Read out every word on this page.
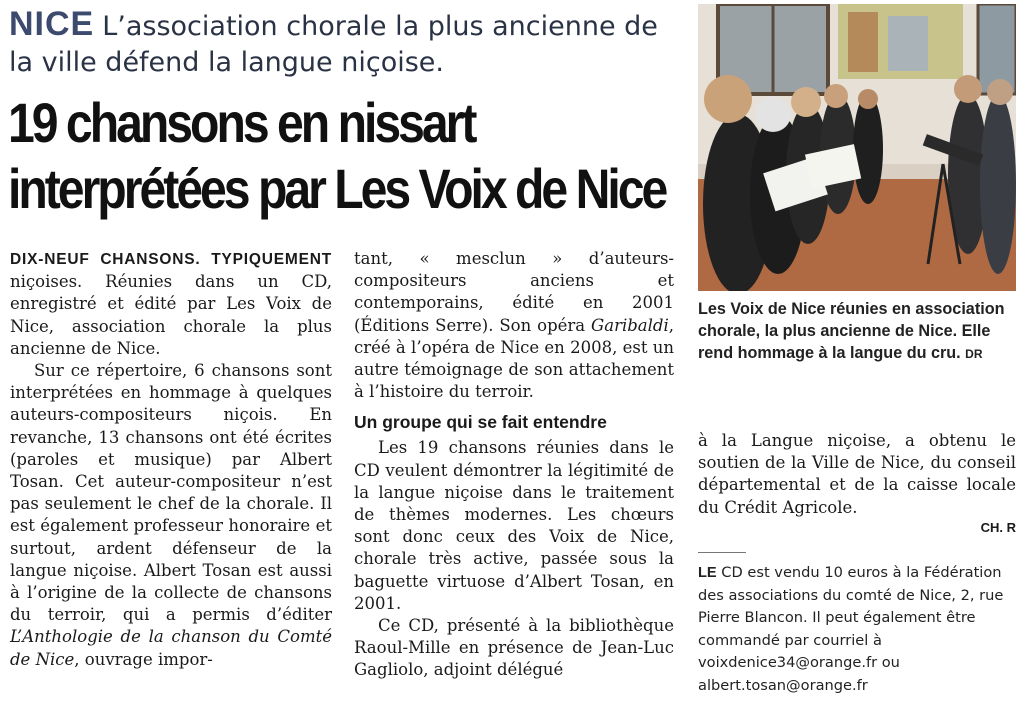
NICE L’association chorale la plus ancienne de la ville défend la langue niçoise.
19 chansons en nissart
interprétées par Les Voix de Nice

DIX-NEUF CHANSONS. TYPIQUEMENT niçoises. Réunies dans un CD, enregistré et édité par Les Voix de Nice, association chorale la plus ancienne de Nice.

Sur ce répertoire, 6 chansons sont interprétées en hommage à quelques auteurs-compositeurs niçois. En revanche, 13 chansons ont été écrites (paroles et musique) par Albert Tosan. Cet auteur-compositeur n’est pas seulement le chef de la chorale. Il est également professeur honoraire et surtout, ardent défenseur de la langue niçoise. Albert Tosan est aussi à l’origine de la collecte de chansons du terroir, qui a permis d’éditer L’Anthologie de la chanson du Comté de Nice, ouvrage impor-

tant, « mesclun » d’auteurs-compositeurs anciens et contemporains, édité en 2001 (Éditions Serre). Son opéra Garibaldi, créé à l’opéra de Nice en 2008, est un autre témoignage de son attachement à l’histoire du terroir.

Un groupe qui se fait entendre

Les 19 chansons réunies dans le CD veulent démontrer la légitimité de la langue niçoise dans le traitement de thèmes modernes. Les chœurs sont donc ceux des Voix de Nice, chorale très active, passée sous la baguette virtuose d’Albert Tosan, en 2001.

Ce CD, présenté à la bibliothèque Raoul-Mille en présence de Jean-Luc Gagliolo, adjoint délégué

Les Voix de Nice réunies en association chorale, la plus ancienne de Nice. Elle rend hommage à la langue du cru. DR

à la Langue niçoise, a obtenu le soutien de la Ville de Nice, du conseil départemental et de la caisse locale du Crédit Agricole.

CH. R
LE CD est vendu 10 euros à la Fédération des associations du comté de Nice, 2, rue Pierre Blancon. Il peut également être commandé par courriel à voixdenice34@orange.fr ou albert.tosan@orange.fr
